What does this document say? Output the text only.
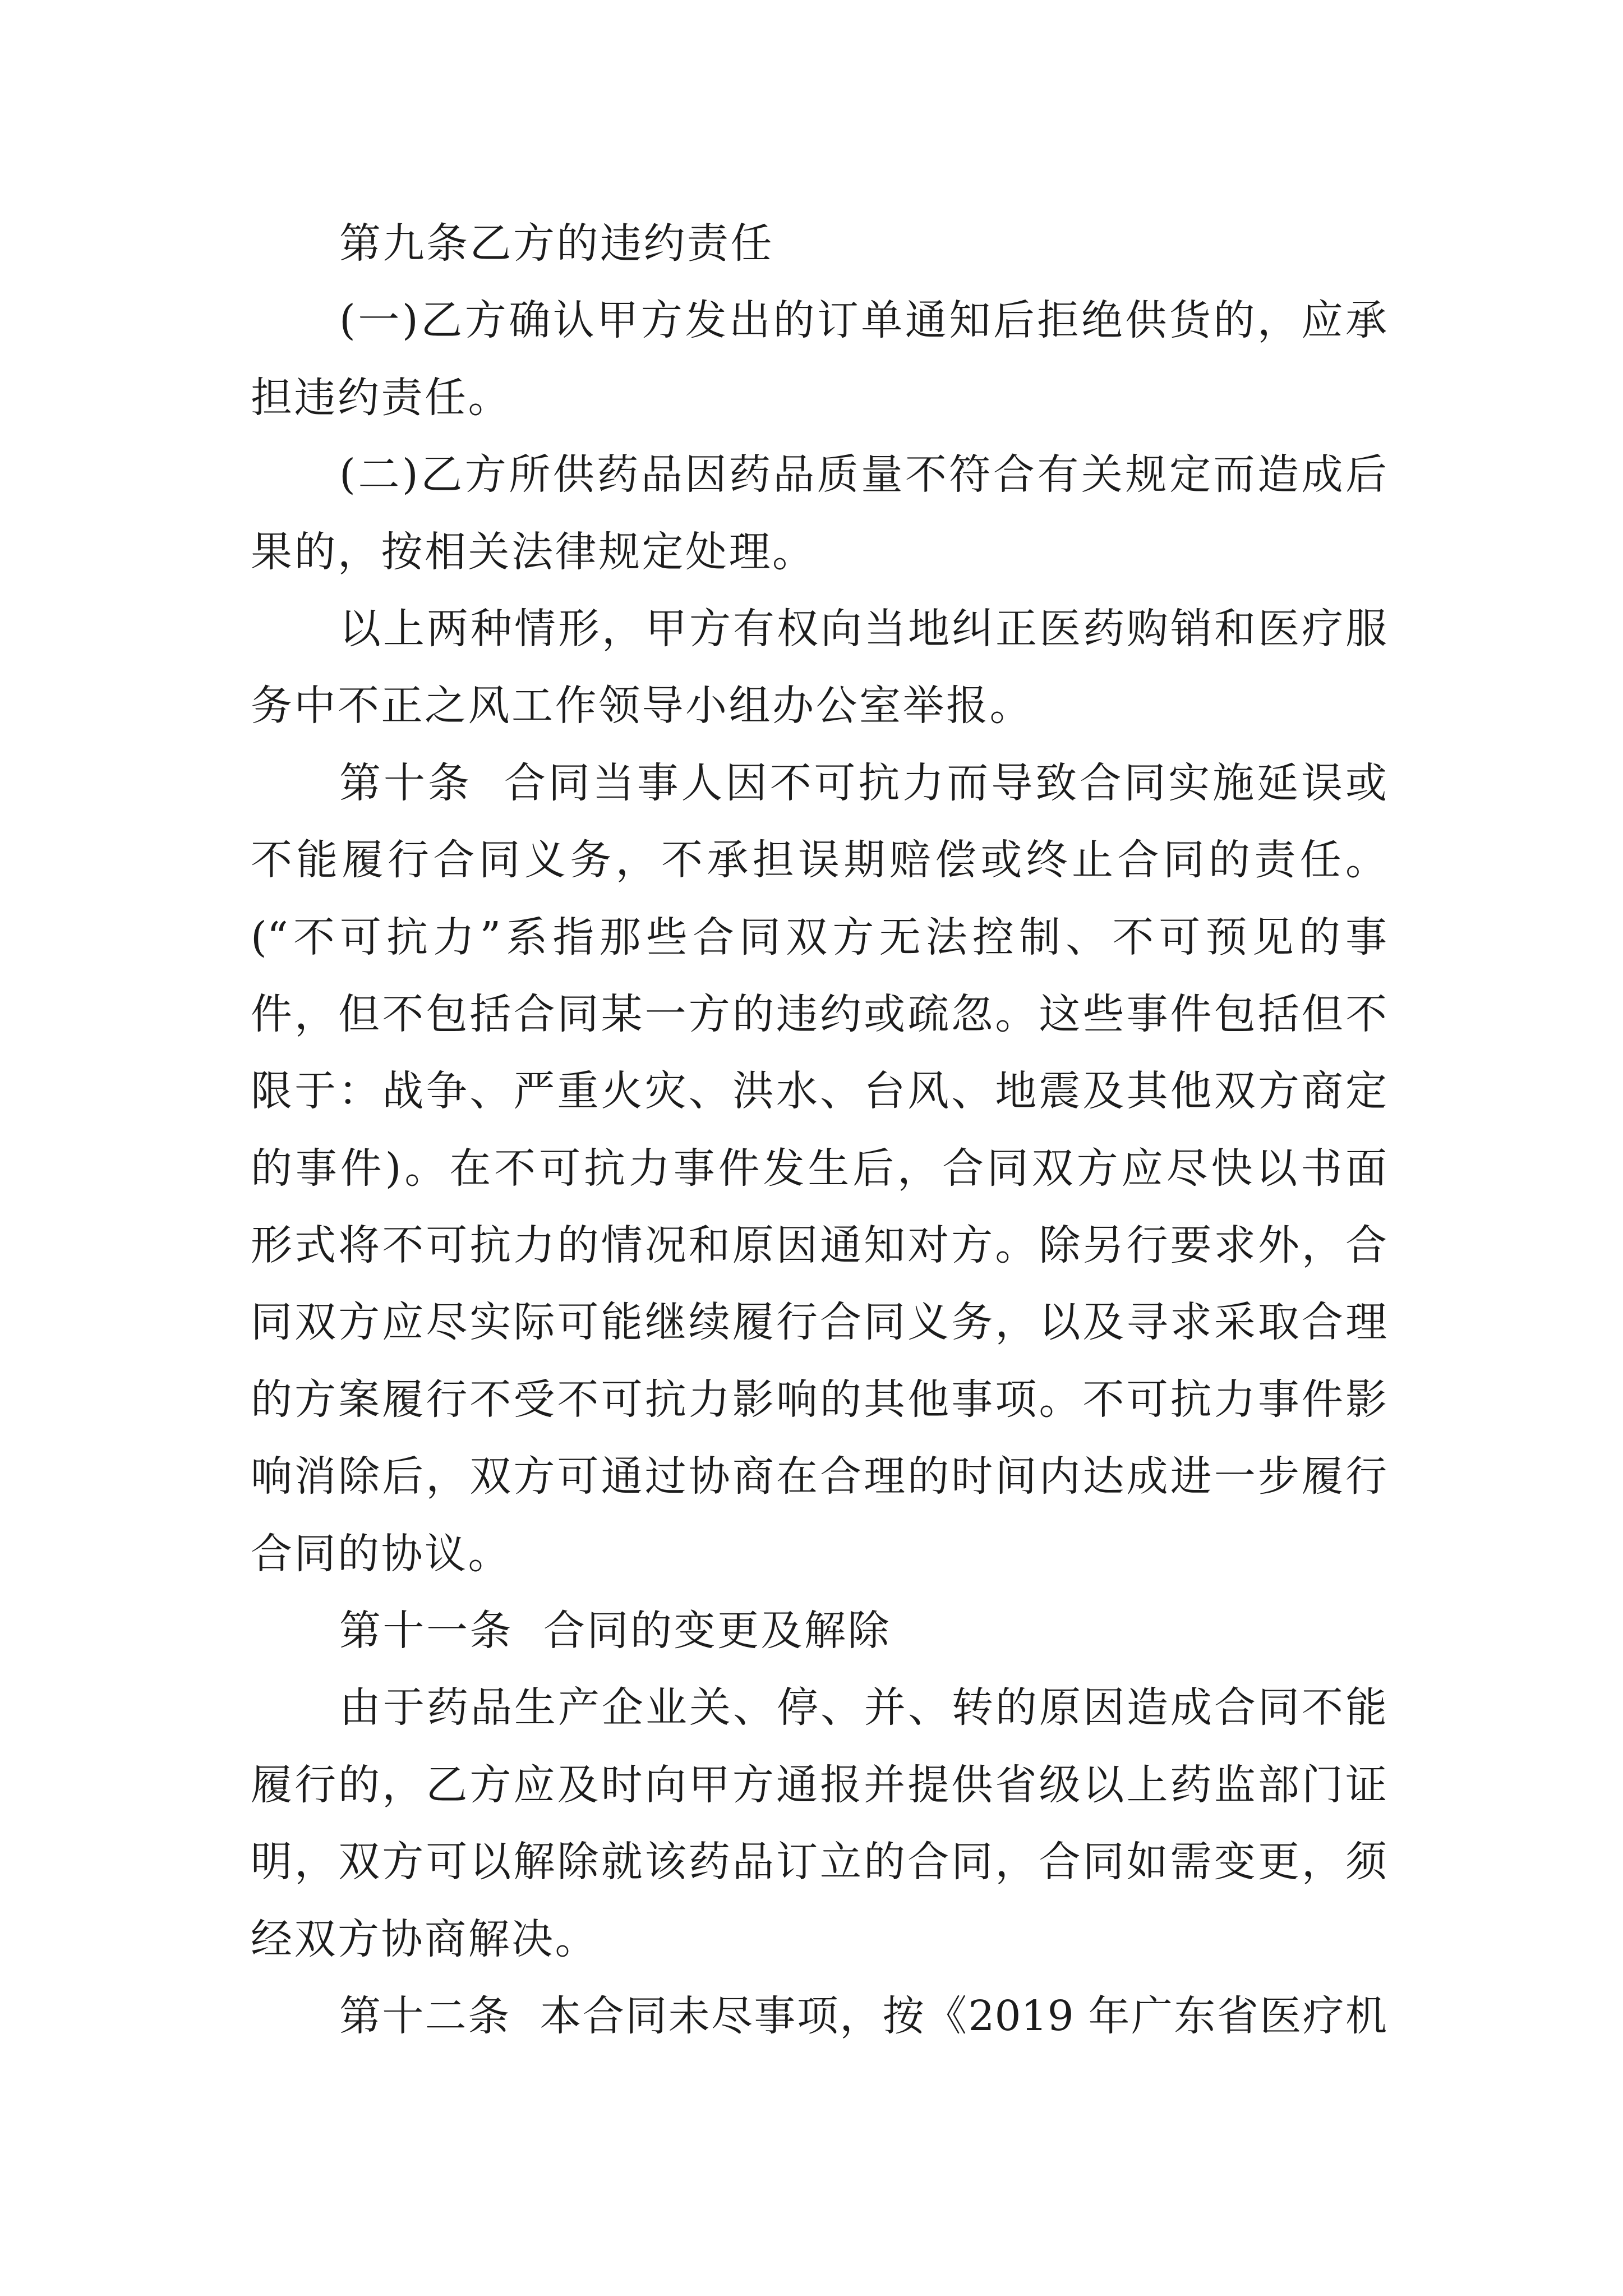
第九条乙方的违约责任
(一)乙方确认甲方发出的订单通知后拒绝供货的，应承
担违约责任。
(二)乙方所供药品因药品质量不符合有关规定而造成后
果的，按相关法律规定处理。
以上两种情形，甲方有权向当地纠正医药购销和医疗服
务中不正之风工作领导小组办公室举报。
第十条  合同当事人因不可抗力而导致合同实施延误或
不能履行合同义务，不承担误期赔偿或终止合同的责任。
(“不可抗力”系指那些合同双方无法控制、不可预见的事
件，但不包括合同某一方的违约或疏忽。这些事件包括但不
限于：战争、严重火灾、洪水、台风、地震及其他双方商定
的事件)。在不可抗力事件发生后，合同双方应尽快以书面
形式将不可抗力的情况和原因通知对方。除另行要求外，合
同双方应尽实际可能继续履行合同义务，以及寻求采取合理
的方案履行不受不可抗力影响的其他事项。不可抗力事件影
响消除后，双方可通过协商在合理的时间内达成进一步履行
合同的协议。
第十一条  合同的变更及解除
由于药品生产企业关、停、并、转的原因造成合同不能
履行的，乙方应及时向甲方通报并提供省级以上药监部门证
明，双方可以解除就该药品订立的合同，合同如需变更，须
经双方协商解决。
第十二条  本合同未尽事项，按《2019 年广东省医疗机
